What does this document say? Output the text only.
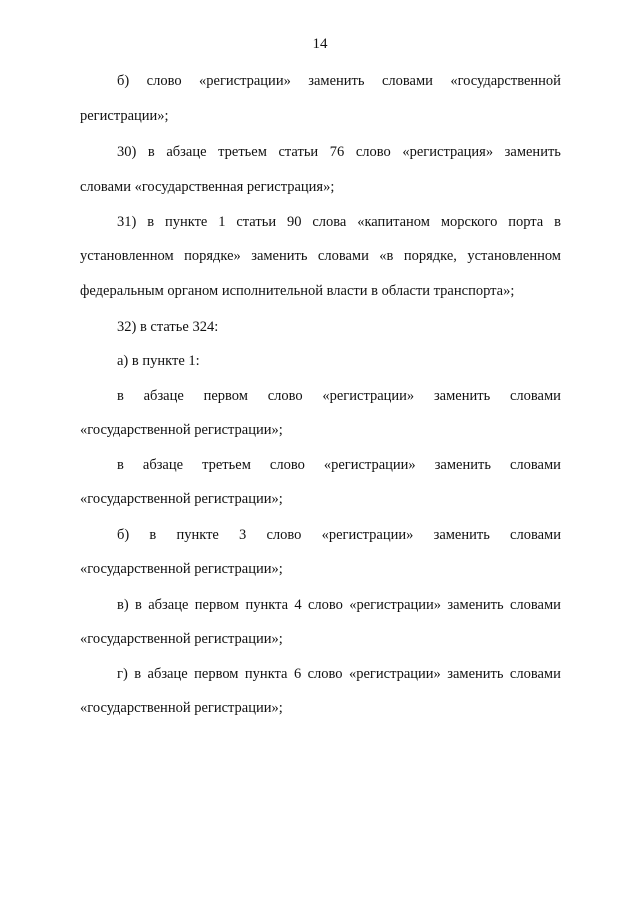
14
б) слово «регистрации» заменить словами «государственной
регистрации»;
30) в абзаце третьем статьи 76 слово «регистрация» заменить
словами «государственная регистрация»;
31) в пункте 1 статьи 90 слова «капитаном морского порта в
установленном порядке» заменить словами «в порядке, установленном
федеральным органом исполнительной власти в области транспорта»;
32) в статье 324:
а) в пункте 1:
в абзаце первом слово «регистрации» заменить словами
«государственной регистрации»;
в абзаце третьем слово «регистрации» заменить словами
«государственной регистрации»;
б) в пункте 3 слово «регистрации» заменить словами
«государственной регистрации»;
в) в абзаце первом пункта 4 слово «регистрации» заменить словами
«государственной регистрации»;
г) в абзаце первом пункта 6 слово «регистрации» заменить словами
«государственной регистрации»;
